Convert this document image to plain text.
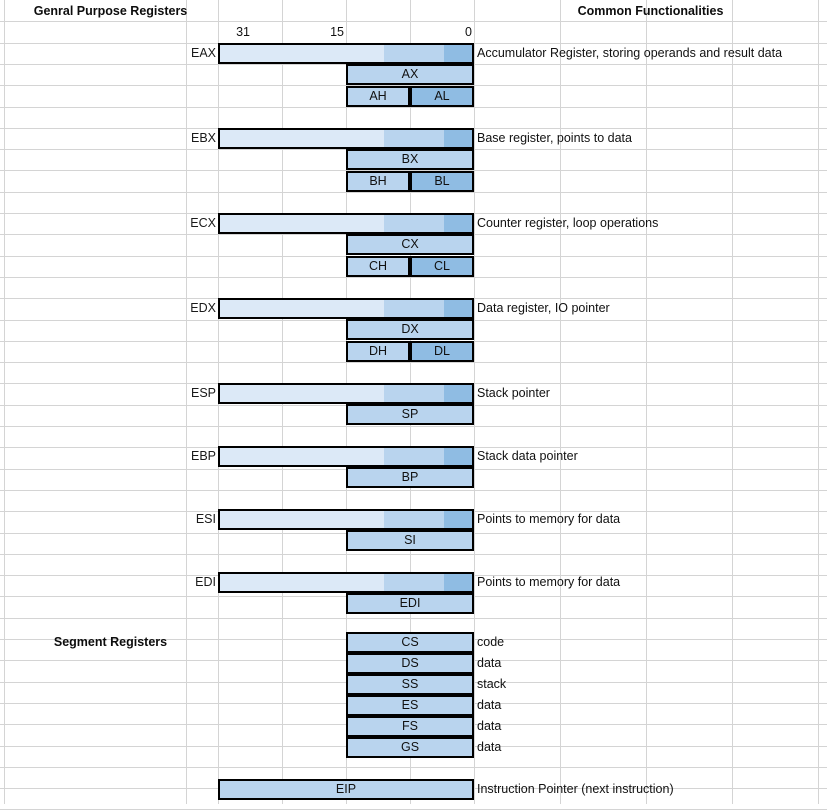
Genral Purpose Registers	Common Functionalities
31	15	0
Segment Registers
EAX	Accumulator Register, storing operands and result data
AX
AH	AL
EBX	Base register, points to data
BX
BH	BL
ECX	Counter register, loop operations
CX
CH	CL
EDX	Data register, IO pointer
DX
DH	DL
ESP	Stack pointer
SP
EBP	Stack data pointer
BP
ESI	Points to memory for data
SI
EDI	Points to memory for data
EDI
CS	code
DS	data
SS	stack
ES	data
FS	data
GS	data
EIP	Instruction Pointer (next instruction)
